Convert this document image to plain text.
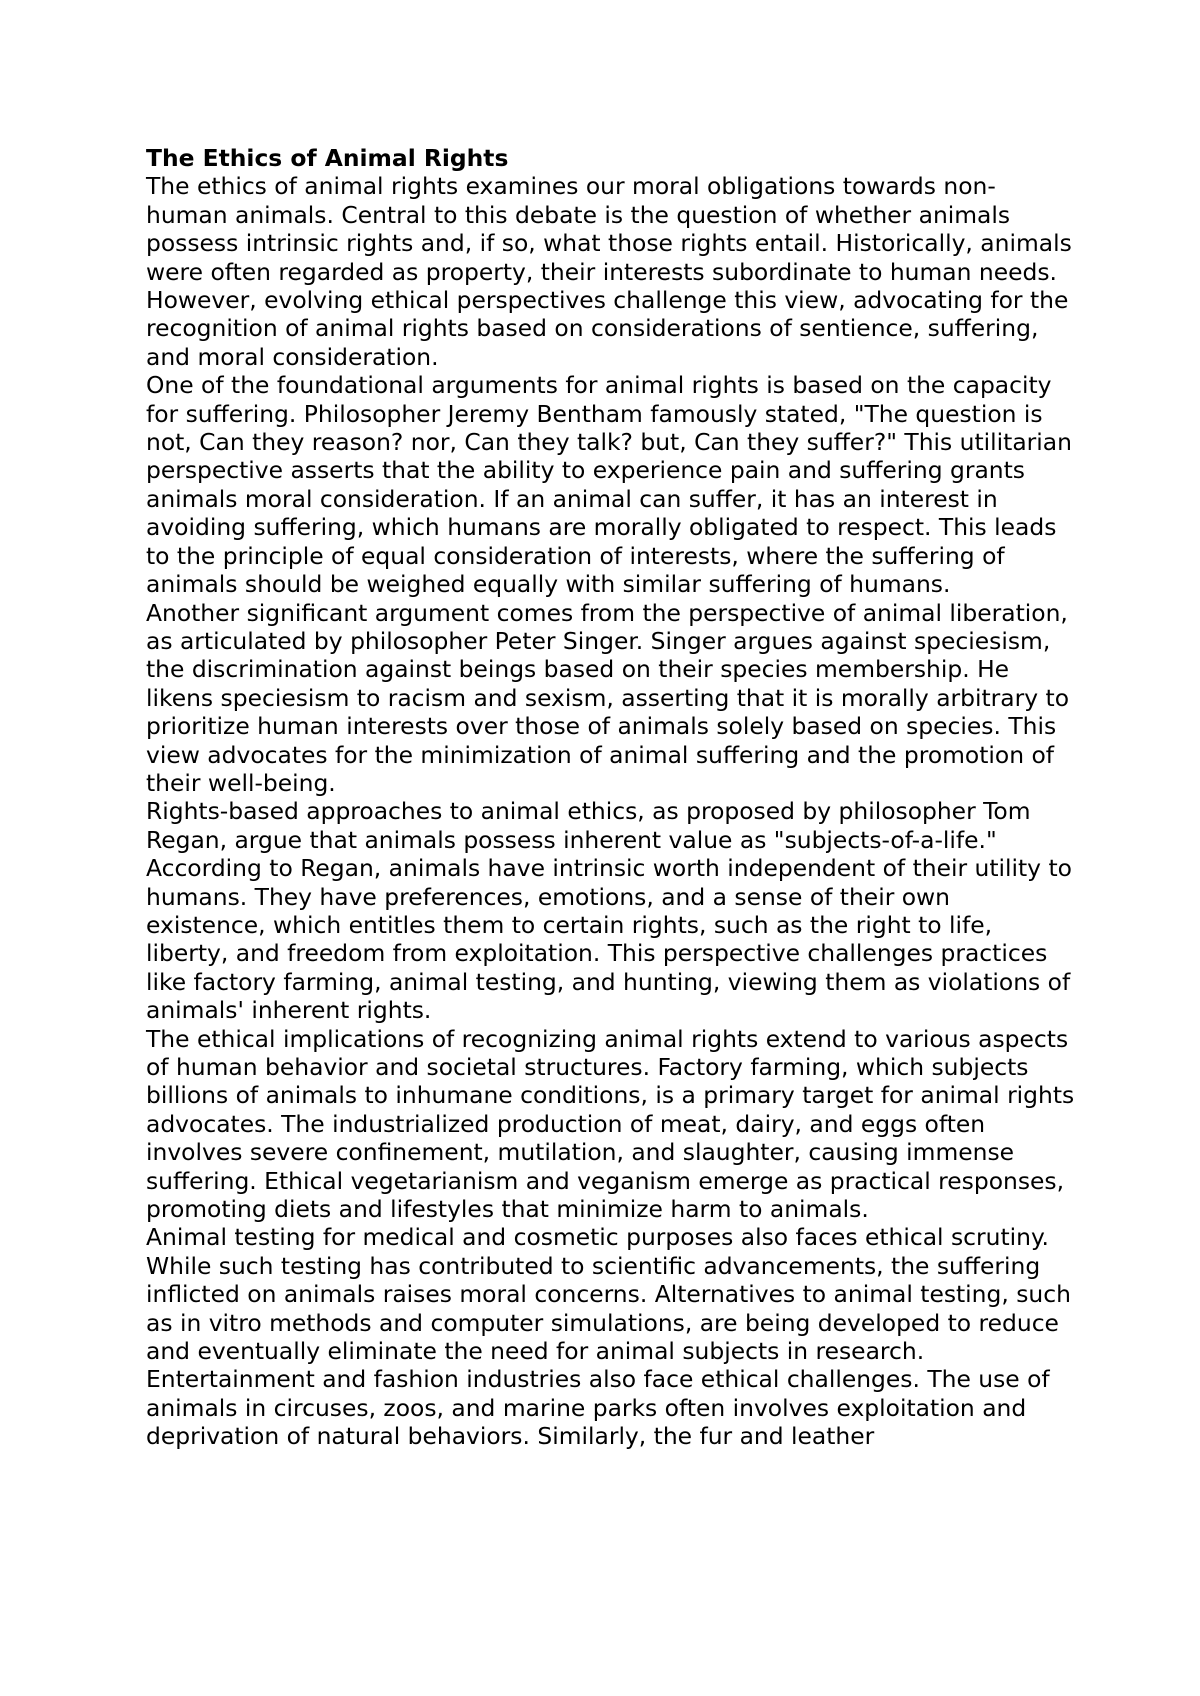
The Ethics of Animal Rights

The ethics of animal rights examines our moral obligations towards non-human animals. Central to this debate is the question of whether animals possess intrinsic rights and, if so, what those rights entail. Historically, animals were often regarded as property, their interests subordinate to human needs. However, evolving ethical perspectives challenge this view, advocating for the recognition of animal rights based on considerations of sentience, suffering, and moral consideration.

One of the foundational arguments for animal rights is based on the capacity for suffering. Philosopher Jeremy Bentham famously stated, "The question is not, Can they reason? nor, Can they talk? but, Can they suffer?" This utilitarian perspective asserts that the ability to experience pain and suffering grants animals moral consideration. If an animal can suffer, it has an interest in avoiding suffering, which humans are morally obligated to respect. This leads to the principle of equal consideration of interests, where the suffering of animals should be weighed equally with similar suffering of humans.

Another significant argument comes from the perspective of animal liberation, as articulated by philosopher Peter Singer. Singer argues against speciesism, the discrimination against beings based on their species membership. He likens speciesism to racism and sexism, asserting that it is morally arbitrary to prioritize human interests over those of animals solely based on species. This view advocates for the minimization of animal suffering and the promotion of their well-being.

Rights-based approaches to animal ethics, as proposed by philosopher Tom Regan, argue that animals possess inherent value as "subjects-of-a-life." According to Regan, animals have intrinsic worth independent of their utility to humans. They have preferences, emotions, and a sense of their own existence, which entitles them to certain rights, such as the right to life, liberty, and freedom from exploitation. This perspective challenges practices like factory farming, animal testing, and hunting, viewing them as violations of animals' inherent rights.

The ethical implications of recognizing animal rights extend to various aspects of human behavior and societal structures. Factory farming, which subjects billions of animals to inhumane conditions, is a primary target for animal rights advocates. The industrialized production of meat, dairy, and eggs often involves severe confinement, mutilation, and slaughter, causing immense suffering. Ethical vegetarianism and veganism emerge as practical responses, promoting diets and lifestyles that minimize harm to animals.

Animal testing for medical and cosmetic purposes also faces ethical scrutiny. While such testing has contributed to scientific advancements, the suffering inflicted on animals raises moral concerns. Alternatives to animal testing, such as in vitro methods and computer simulations, are being developed to reduce and eventually eliminate the need for animal subjects in research.

Entertainment and fashion industries also face ethical challenges. The use of animals in circuses, zoos, and marine parks often involves exploitation and deprivation of natural behaviors. Similarly, the fur and leather
